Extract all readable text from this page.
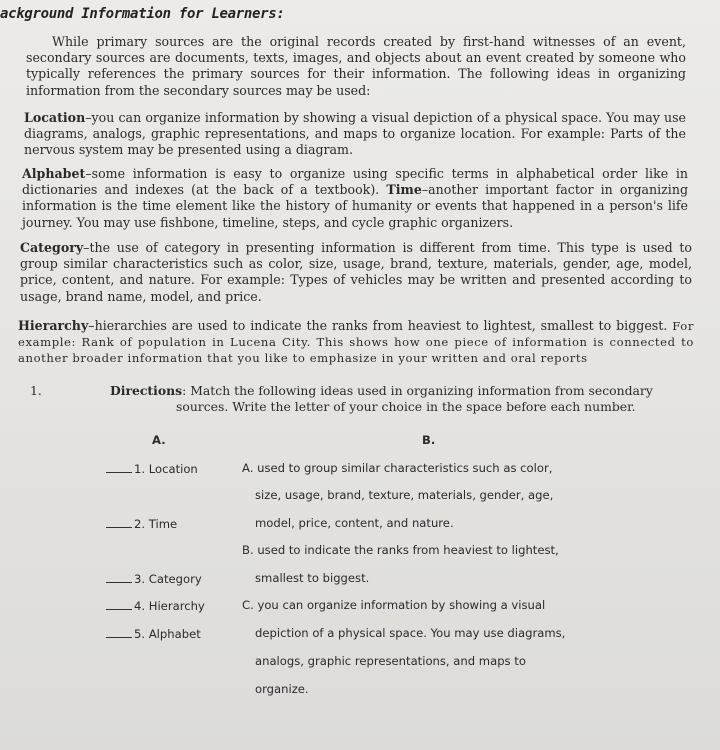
ackground Information for Learners:
While primary sources are the original records created by first-hand witnesses of an event, secondary sources are documents, texts, images, and objects about an event created by someone who typically references the primary sources for their information. The following ideas in organizing information from the secondary sources may be used:
Location–you can organize information by showing a visual depiction of a physical space. You may use diagrams, analogs, graphic representations, and maps to organize location. For example: Parts of the nervous system may be presented using a diagram.
Alphabet–some information is easy to organize using specific terms in alphabetical order like in dictionaries and indexes (at the back of a textbook). Time–another important factor in organizing information is the time element like the history of humanity or events that happened in a person's life journey. You may use fishbone, timeline, steps, and cycle graphic organizers.
Category–the use of category in presenting information is different from time. This type is used to group similar characteristics such as color, size, usage, brand, texture, materials, gender, age, model, price, content, and nature. For example: Types of vehicles may be written and presented according to usage, brand name, model, and price.
Hierarchy–hierarchies are used to indicate the ranks from heaviest to lightest, smallest to biggest. For example: Rank of population in Lucena City. This shows how one piece of information is connected to another broader information that you like to emphasize in your written and oral reports
1.	Directions: Match the following ideas used in organizing information from secondary
sources. Write the letter of your choice in the space before each number.
A.	B.
1. Location
2. Time
3. Category
4. Hierarchy
5. Alphabet
A. used to group similar characteristics such as color,
size, usage, brand, texture, materials, gender, age,
model, price, content, and nature.
B. used to indicate the ranks from heaviest to lightest,
smallest to biggest.
C. you can organize information by showing a visual
depiction of a physical space. You may use diagrams,
analogs, graphic representations, and maps to
organize.
